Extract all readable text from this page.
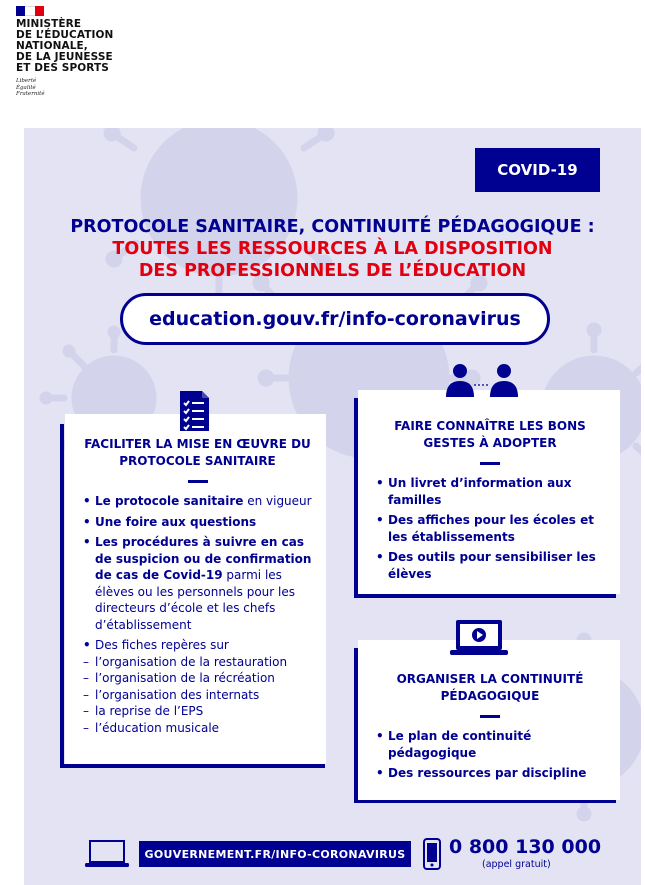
MINISTÈRE
DE L’ÉDUCATION
NATIONALE,
DE LA JEUNESSE
ET DES SPORTS
Liberté
Égalité
Fraternité
COVID-19
PROTOCOLE SANITAIRE, CONTINUITÉ PÉDAGOGIQUE :
TOUTES LES RESSOURCES À LA DISPOSITION
DES PROFESSIONNELS DE L’ÉDUCATION
education.gouv.fr/info-coronavirus
FACILITER LA MISE EN ŒUVRE DU PROTOCOLE SANITAIRE
• Le protocole sanitaire en vigueur
• Une foire aux questions
• Les procédures à suivre en cas de suspicion ou de confirmation de cas de Covid-19 parmi les élèves ou les personnels pour les directeurs d’école et les chefs d’établissement
• Des fiches repères sur
– l’organisation de la restauration
– l’organisation de la récréation
– l’organisation des internats
– la reprise de l’EPS
– l’éducation musicale
FAIRE CONNAÎTRE LES BONS GESTES À ADOPTER
• Un livret d’information aux familles
• Des affiches pour les écoles et les établissements
• Des outils pour sensibiliser les élèves
ORGANISER LA CONTINUITÉ PÉDAGOGIQUE
• Le plan de continuité pédagogique
• Des ressources par discipline
GOUVERNEMENT.FR/INFO-CORONAVIRUS 0 800 130 000
(appel gratuit)
